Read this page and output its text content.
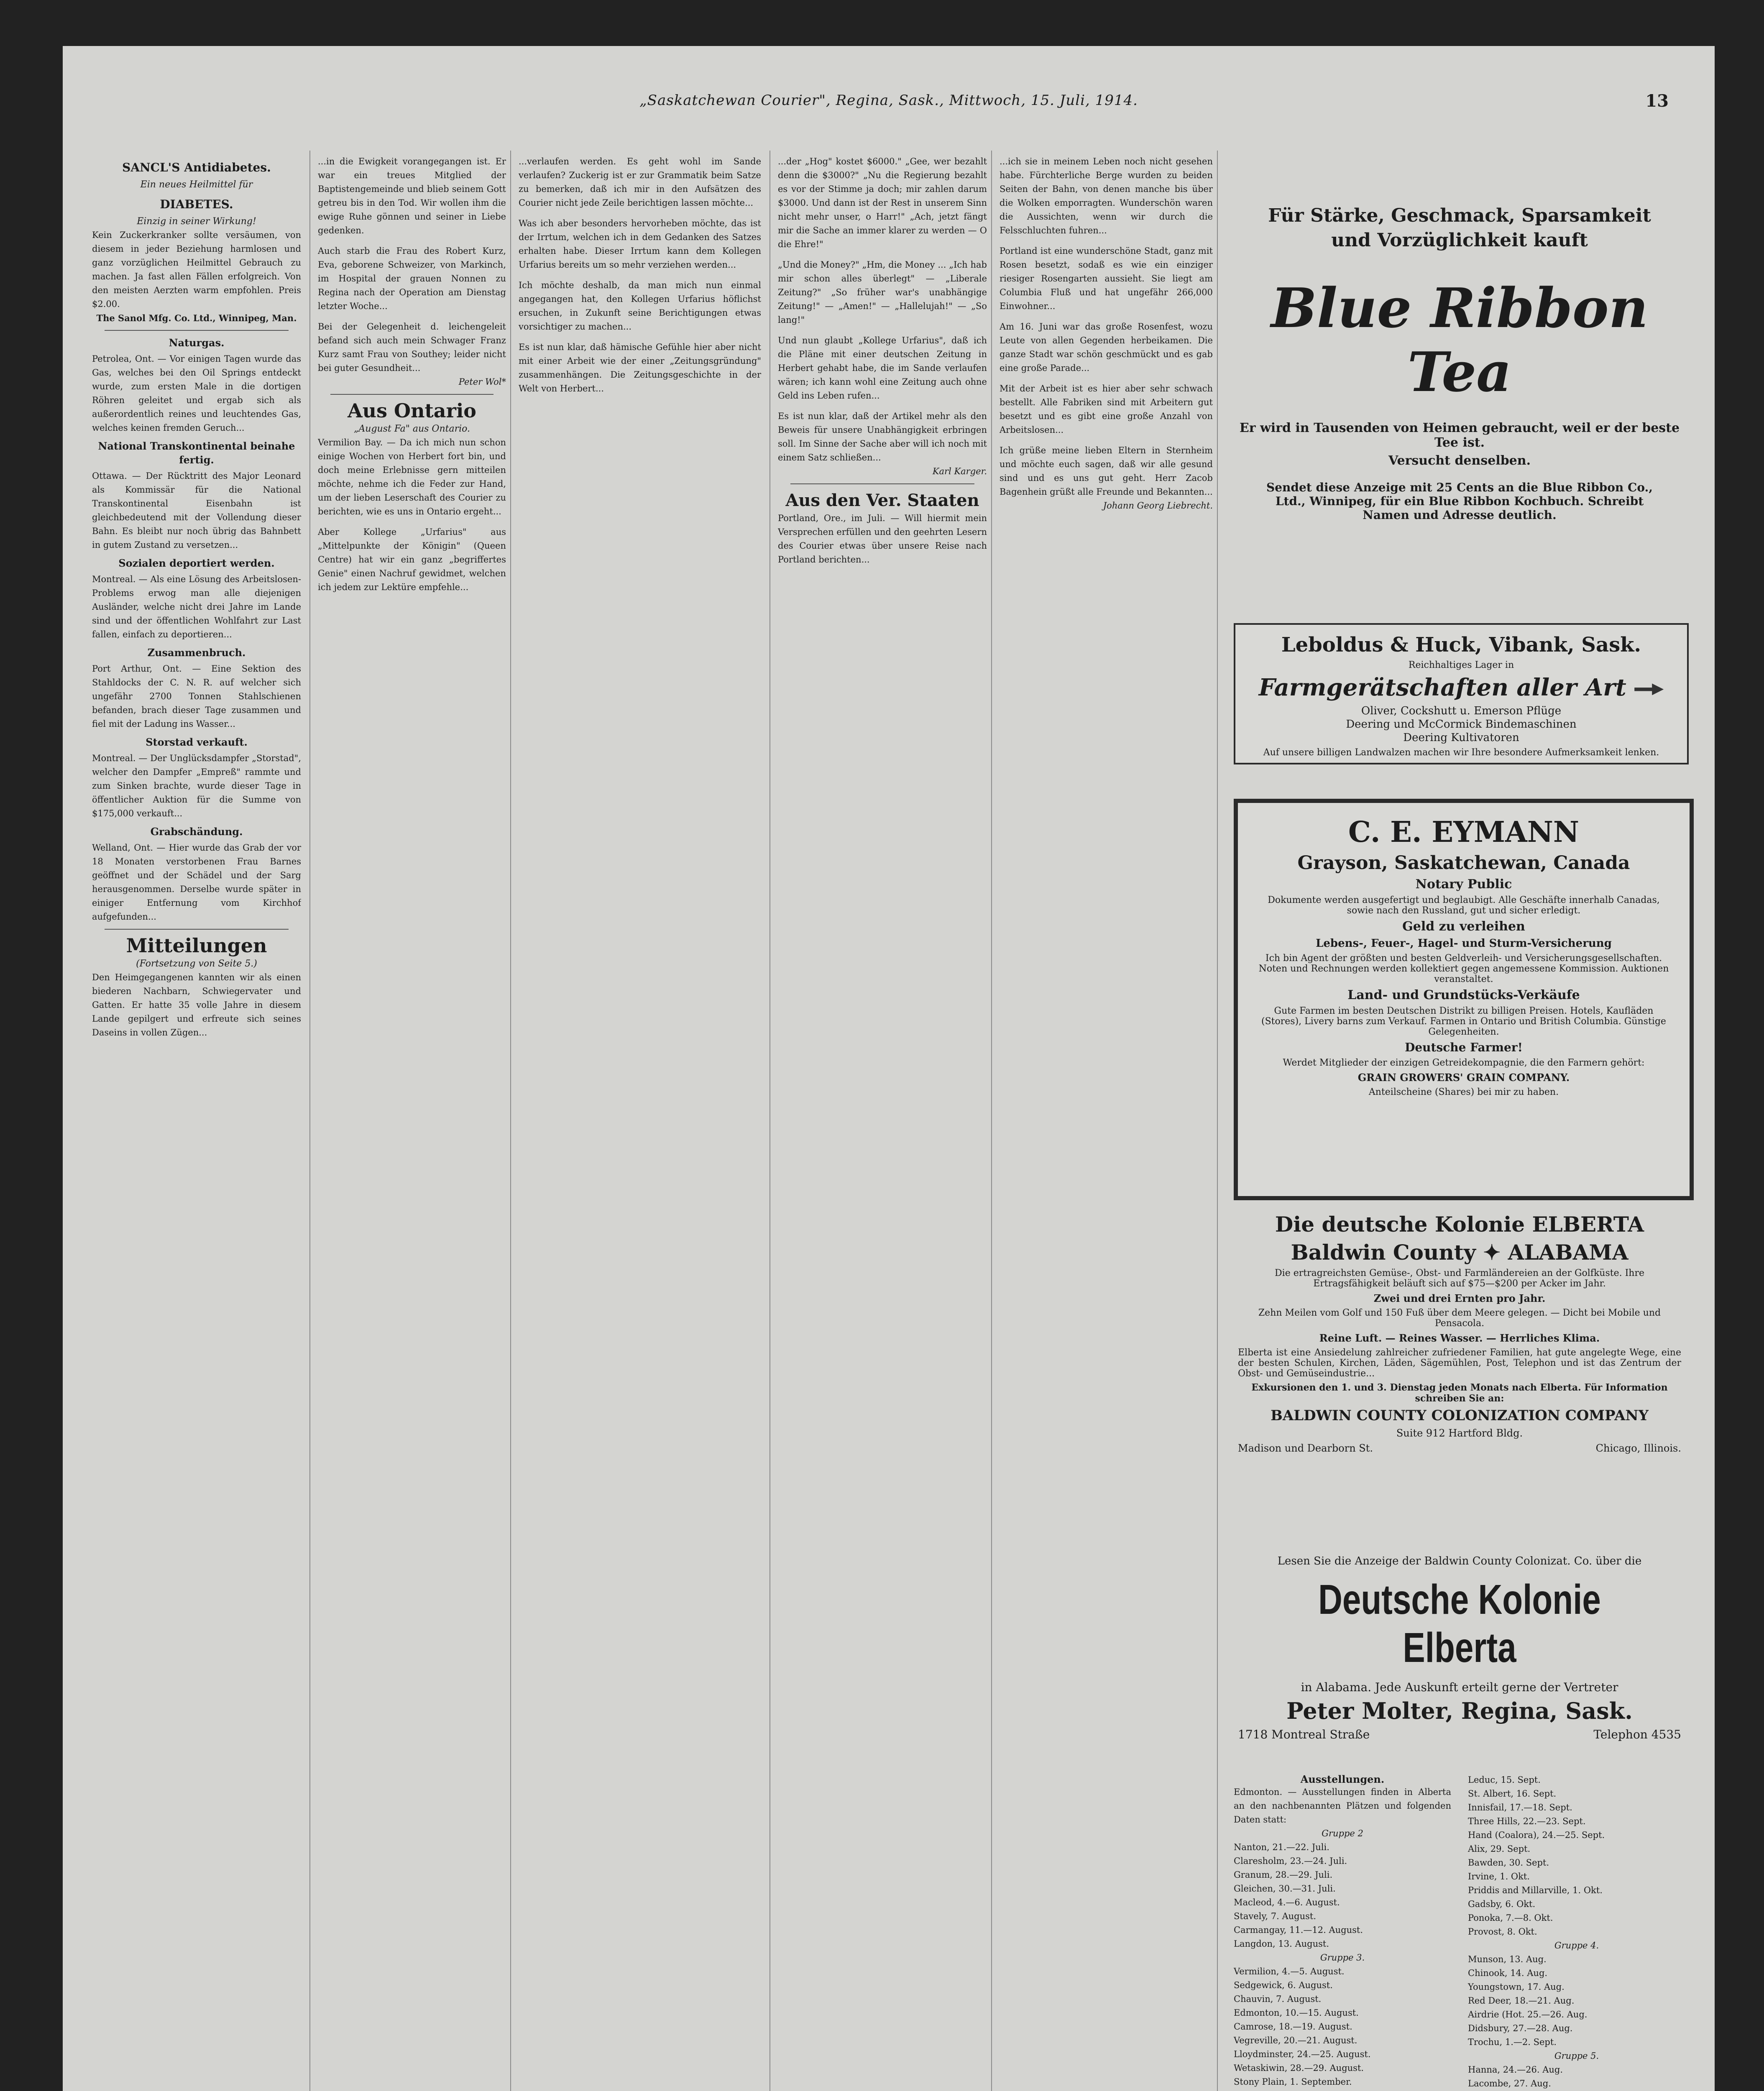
„Saskatchewan Courier", Regina, Sask., Mittwoch, 15. Juli, 1914.	13
SANCL'S Antidiabetes.
Ein neues Heilmittel für
DIABETES.
Einzig in seiner Wirkung!
Kein Zuckerkranker sollte versäumen, von diesem in jeder Beziehung harmlosen und ganz vorzüglichen Heilmittel Gebrauch zu machen. Ja fast allen Fällen erfolgreich. Von den meisten Aerzten warm empfohlen. Preis $2.00.
The Sanol Mfg. Co. Ltd., Winnipeg, Man.
Naturgas.
Petrolea, Ont. — Vor einigen Tagen wurde das Gas, welches bei den Oil Springs entdeckt wurde, zum ersten Male in die dortigen Röhren geleitet und ergab sich als außerordentlich reines und leuchtendes Gas, welches keinen fremden Geruch...
National Transkontinental beinahe fertig.
Ottawa. — Der Rücktritt des Major Leonard als Kommissär für die National Transkontinental Eisenbahn ist gleichbedeutend mit der Vollendung dieser Bahn. Es bleibt nur noch übrig das Bahnbett in gutem Zustand zu versetzen...
Sozialen deportiert werden.
Montreal. — Als eine Lösung des Arbeitslosen-Problems erwog man alle diejenigen Ausländer, welche nicht drei Jahre im Lande sind und der öffentlichen Wohlfahrt zur Last fallen, einfach zu deportieren...
Zusammenbruch.
Port Arthur, Ont. — Eine Sektion des Stahldocks der C. N. R. auf welcher sich ungefähr 2700 Tonnen Stahlschienen befanden, brach dieser Tage zusammen und fiel mit der Ladung ins Wasser...
Storstad verkauft.
Montreal. — Der Unglücksdampfer „Storstad", welcher den Dampfer „Empreß" rammte und zum Sinken brachte, wurde dieser Tage in öffentlicher Auktion für die Summe von $175,000 verkauft...
Grabschändung.
Welland, Ont. — Hier wurde das Grab der vor 18 Monaten verstorbenen Frau Barnes geöffnet und der Schädel und der Sarg herausgenommen. Derselbe wurde später in einiger Entfernung vom Kirchhof aufgefunden...
Mitteilungen
(Fortsetzung von Seite 5.)
Den Heimgegangenen kannten wir als einen biederen Nachbarn, Schwiegervater und Gatten. Er hatte 35 volle Jahre in diesem Lande gepilgert und erfreute sich seines Daseins in vollen Zügen...
...in die Ewigkeit vorangegangen ist. Er war ein treues Mitglied der Baptistengemeinde und blieb seinem Gott getreu bis in den Tod. Wir wollen ihm die ewige Ruhe gönnen und seiner in Liebe gedenken.
Auch starb die Frau des Robert Kurz, Eva, geborene Schweizer, von Markinch, im Hospital der grauen Nonnen zu Regina nach der Operation am Dienstag letzter Woche...
Bei der Gelegenheit d. leichengeleit befand sich auch mein Schwager Franz Kurz samt Frau von Southey; leider nicht bei guter Gesundheit...
Peter Wol*
Aus Ontario
„August Fa" aus Ontario.
Vermilion Bay. — Da ich mich nun schon einige Wochen von Herbert fort bin, und doch meine Erlebnisse gern mitteilen möchte, nehme ich die Feder zur Hand, um der lieben Leserschaft des Courier zu berichten, wie es uns in Ontario ergeht...
Aber Kollege „Urfarius" aus „Mittelpunkte der Königin" (Queen Centre) hat wir ein ganz „begriffertes Genie" einen Nachruf gewidmet, welchen ich jedem zur Lektüre empfehle...
...verlaufen werden. Es geht wohl im Sande verlaufen? Zuckerig ist er zur Grammatik beim Satze zu bemerken, daß ich mir in den Aufsätzen des Courier nicht jede Zeile berichtigen lassen möchte...
Was ich aber besonders hervorheben möchte, das ist der Irrtum, welchen ich in dem Gedanken des Satzes erhalten habe. Dieser Irrtum kann dem Kollegen Urfarius bereits um so mehr verziehen werden...
Ich möchte deshalb, da man mich nun einmal angegangen hat, den Kollegen Urfarius höflichst ersuchen, in Zukunft seine Berichtigungen etwas vorsichtiger zu machen...
Es ist nun klar, daß hämische Gefühle hier aber nicht mit einer Arbeit wie der einer „Zeitungsgründung" zusammenhängen. Die Zeitungsgeschichte in der Welt von Herbert...
...der „Hog" kostet $6000." „Gee, wer bezahlt denn die $3000?" „Nu die Regierung bezahlt es vor der Stimme ja doch; mir zahlen darum $3000. Und dann ist der Rest in unserem Sinn nicht mehr unser, o Harr!" „Ach, jetzt fängt mir die Sache an immer klarer zu werden — O die Ehre!"
„Und die Money?" „Hm, die Money ... „Ich hab mir schon alles überlegt" — „Liberale Zeitung?" „So früher war's unabhängige Zeitung!" — „Amen!" — „Hallelujah!" — „So lang!"
Und nun glaubt „Kollege Urfarius", daß ich die Pläne mit einer deutschen Zeitung in Herbert gehabt habe, die im Sande verlaufen wären; ich kann wohl eine Zeitung auch ohne Geld ins Leben rufen...
Es ist nun klar, daß der Artikel mehr als den Beweis für unsere Unabhängigkeit erbringen soll. Im Sinne der Sache aber will ich noch mit einem Satz schließen...
Karl Karger.
Aus den Ver. Staaten
Portland, Ore., im Juli. — Will hiermit mein Versprechen erfüllen und den geehrten Lesern des Courier etwas über unsere Reise nach Portland berichten...
...ich sie in meinem Leben noch nicht gesehen habe. Fürchterliche Berge wurden zu beiden Seiten der Bahn, von denen manche bis über die Wolken emporragten. Wunderschön waren die Aussichten, wenn wir durch die Felsschluchten fuhren...
Portland ist eine wunderschöne Stadt, ganz mit Rosen besetzt, sodaß es wie ein einziger riesiger Rosengarten aussieht. Sie liegt am Columbia Fluß und hat ungefähr 266,000 Einwohner...
Am 16. Juni war das große Rosenfest, wozu Leute von allen Gegenden herbeikamen. Die ganze Stadt war schön geschmückt und es gab eine große Parade...
Mit der Arbeit ist es hier aber sehr schwach bestellt. Alle Fabriken sind mit Arbeitern gut besetzt und es gibt eine große Anzahl von Arbeitslosen...
Ich grüße meine lieben Eltern in Sternheim und möchte euch sagen, daß wir alle gesund sind und es uns gut geht. Herr Zacob Bagenhein grüßt alle Freunde und Bekannten...
Johann Georg Liebrecht.
Für Stärke, Geschmack, Sparsamkeit
und Vorzüglichkeit kauft
Blue Ribbon Tea
Er wird in Tausenden von Heimen gebraucht, weil er der beste Tee ist.
Versucht denselben.
Sendet diese Anzeige mit 25 Cents an die Blue Ribbon Co., Ltd., Winnipeg, für ein Blue Ribbon Kochbuch. Schreibt Namen und Adresse deutlich.
Leboldus & Huck, Vibank, Sask.
Reichhaltiges Lager in
Farmgerätschaften aller Art
Oliver, Cockshutt u. Emerson Pflüge
Deering und McCormick Bindemaschinen
Deering Kultivatoren
Auf unsere billigen Landwalzen machen wir Ihre besondere Aufmerksamkeit lenken.
C. E. EYMANN
Grayson, Saskatchewan, Canada
Notary Public
Dokumente werden ausgefertigt und beglaubigt. Alle Geschäfte innerhalb Canadas, sowie nach den Russland, gut und sicher erledigt.
Geld zu verleihen
Lebens-, Feuer-, Hagel- und Sturm-Versicherung
Ich bin Agent der größten und besten Geldverleih- und Versicherungsgesellschaften. Noten und Rechnungen werden kollektiert gegen angemessene Kommission. Auktionen veranstaltet.
Land- und Grundstücks-Verkäufe
Gute Farmen im besten Deutschen Distrikt zu billigen Preisen. Hotels, Kaufläden (Stores), Livery barns zum Verkauf. Farmen in Ontario und British Columbia. Günstige Gelegenheiten.
Deutsche Farmer!
Werdet Mitglieder der einzigen Getreidekompagnie, die den Farmern gehört:
GRAIN GROWERS' GRAIN COMPANY.
Anteilscheine (Shares) bei mir zu haben.
Die deutsche Kolonie ELBERTA
Baldwin County ✦ ALABAMA
Die ertragreichsten Gemüse-, Obst- und Farmländereien an der Golfküste. Ihre Ertragsfähigkeit beläuft sich auf $75—$200 per Acker im Jahr.
Zwei und drei Ernten pro Jahr.
Zehn Meilen vom Golf und 150 Fuß über dem Meere gelegen. — Dicht bei Mobile und Pensacola.
Reine Luft. — Reines Wasser. — Herrliches Klima.
Elberta ist eine Ansiedelung zahlreicher zufriedener Familien, hat gute angelegte Wege, eine der besten Schulen, Kirchen, Läden, Sägemühlen, Post, Telephon und ist das Zentrum der Obst- und Gemüseindustrie...
Exkursionen den 1. und 3. Dienstag jeden Monats nach Elberta. Für Information schreiben Sie an:
BALDWIN COUNTY COLONIZATION COMPANY
Suite 912 Hartford Bldg.
Madison und Dearborn St.	Chicago, Illinois.
Lesen Sie die Anzeige der Baldwin County Colonizat. Co. über die
Deutsche Kolonie Elberta
in Alabama. Jede Auskunft erteilt gerne der Vertreter
Peter Molter, Regina, Sask.
1718 Montreal Straße	Telephon 4535
Ausstellungen.
Edmonton. — Ausstellungen finden in Alberta an den nachbenannten Plätzen und folgenden Daten statt:
Gruppe 2
Nanton, 21.—22. Juli.
Claresholm, 23.—24. Juli.
Granum, 28.—29. Juli.
Gleichen, 30.—31. Juli.
Macleod, 4.—6. August.
Stavely, 7. August.
Carmangay, 11.—12. August.
Langdon, 13. August.
Gruppe 3.
Vermilion, 4.—5. August.
Sedgewick, 6. August.
Chauvin, 7. August.
Edmonton, 10.—15. August.
Camrose, 18.—19. August.
Vegreville, 20.—21. August.
Lloydminster, 24.—25. August.
Wetaskiwin, 28.—29. August.
Stony Plain, 1. September.
Leduc, 15. Sept.
St. Albert, 16. Sept.
Innisfail, 17.—18. Sept.
Three Hills, 22.—23. Sept.
Hand (Coalora), 24.—25. Sept.
Alix, 29. Sept.
Bawden, 30. Sept.
Irvine, 1. Okt.
Priddis and Millarville, 1. Okt.
Gadsby, 6. Okt.
Ponoka, 7.—8. Okt.
Provost, 8. Okt.
Gruppe 4.
Munson, 13. Aug.
Chinook, 14. Aug.
Youngstown, 17. Aug.
Red Deer, 18.—21. Aug.
Airdrie (Hot. 25.—26. Aug.
Didsbury, 27.—28. Aug.
Trochu, 1.—2. Sept.
Gruppe 5.
Hanna, 24.—26. Aug.
Lacombe, 27. Aug.
